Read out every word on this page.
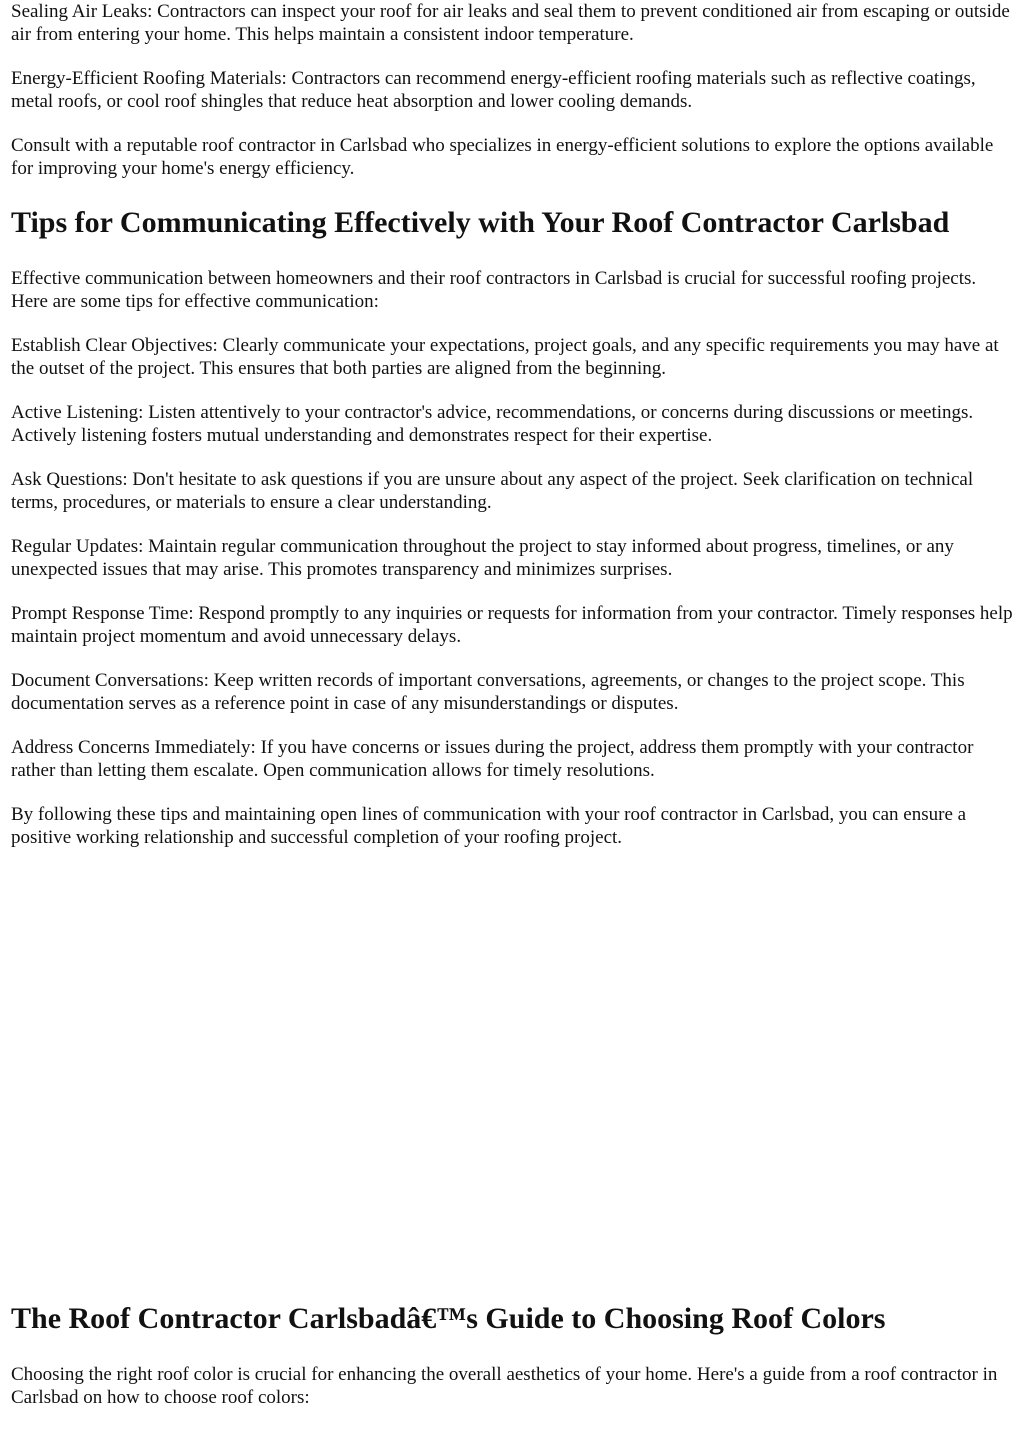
Sealing Air Leaks: Contractors can inspect your roof for air leaks and seal them to prevent conditioned air from escaping or outside air from entering your home. This helps maintain a consistent indoor temperature.

Energy-Efficient Roofing Materials: Contractors can recommend energy-efficient roofing materials such as reflective coatings, metal roofs, or cool roof shingles that reduce heat absorption and lower cooling demands.

Consult with a reputable roof contractor in Carlsbad who specializes in energy-efficient solutions to explore the options available for improving your home's energy efficiency.

Tips for Communicating Effectively with Your Roof Contractor Carlsbad

Effective communication between homeowners and their roof contractors in Carlsbad is crucial for successful roofing projects. Here are some tips for effective communication:

Establish Clear Objectives: Clearly communicate your expectations, project goals, and any specific requirements you may have at the outset of the project. This ensures that both parties are aligned from the beginning.

Active Listening: Listen attentively to your contractor's advice, recommendations, or concerns during discussions or meetings. Actively listening fosters mutual understanding and demonstrates respect for their expertise.

Ask Questions: Don't hesitate to ask questions if you are unsure about any aspect of the project. Seek clarification on technical terms, procedures, or materials to ensure a clear understanding.

Regular Updates: Maintain regular communication throughout the project to stay informed about progress, timelines, or any unexpected issues that may arise. This promotes transparency and minimizes surprises.

Prompt Response Time: Respond promptly to any inquiries or requests for information from your contractor. Timely responses help maintain project momentum and avoid unnecessary delays.

Document Conversations: Keep written records of important conversations, agreements, or changes to the project scope. This documentation serves as a reference point in case of any misunderstandings or disputes.

Address Concerns Immediately: If you have concerns or issues during the project, address them promptly with your contractor rather than letting them escalate. Open communication allows for timely resolutions.

By following these tips and maintaining open lines of communication with your roof contractor in Carlsbad, you can ensure a positive working relationship and successful completion of your roofing project.

The Roof Contractor Carlsbadâ€™s Guide to Choosing Roof Colors

Choosing the right roof color is crucial for enhancing the overall aesthetics of your home. Here's a guide from a roof contractor in Carlsbad on how to choose roof colors:
